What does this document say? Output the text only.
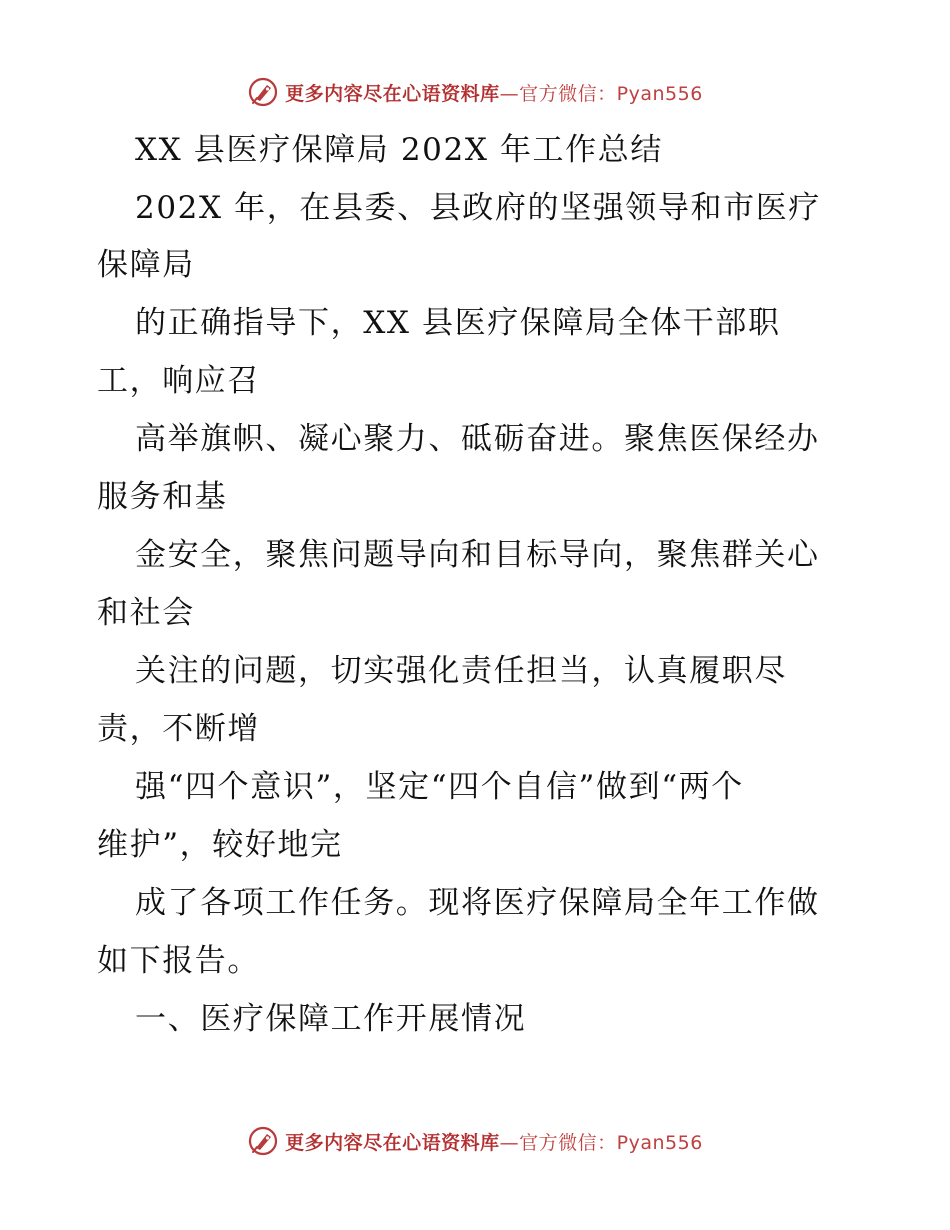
更多内容尽在心语资料库—官方微信：Pyan556
XX 县医疗保障局 202X 年工作总结
202X 年，在县委、县政府的坚强领导和市医疗
保障局
的正确指导下，XX 县医疗保障局全体干部职
工，响应召
高举旗帜、凝心聚力、砥砺奋进。聚焦医保经办
服务和基
金安全，聚焦问题导向和目标导向，聚焦群关心
和社会
关注的问题，切实强化责任担当，认真履职尽
责，不断增
强“四个意识”，坚定“四个自信”做到“两个
维护”，较好地完
成了各项工作任务。现将医疗保障局全年工作做
如下报告。
一、医疗保障工作开展情况
更多内容尽在心语资料库—官方微信：Pyan556
